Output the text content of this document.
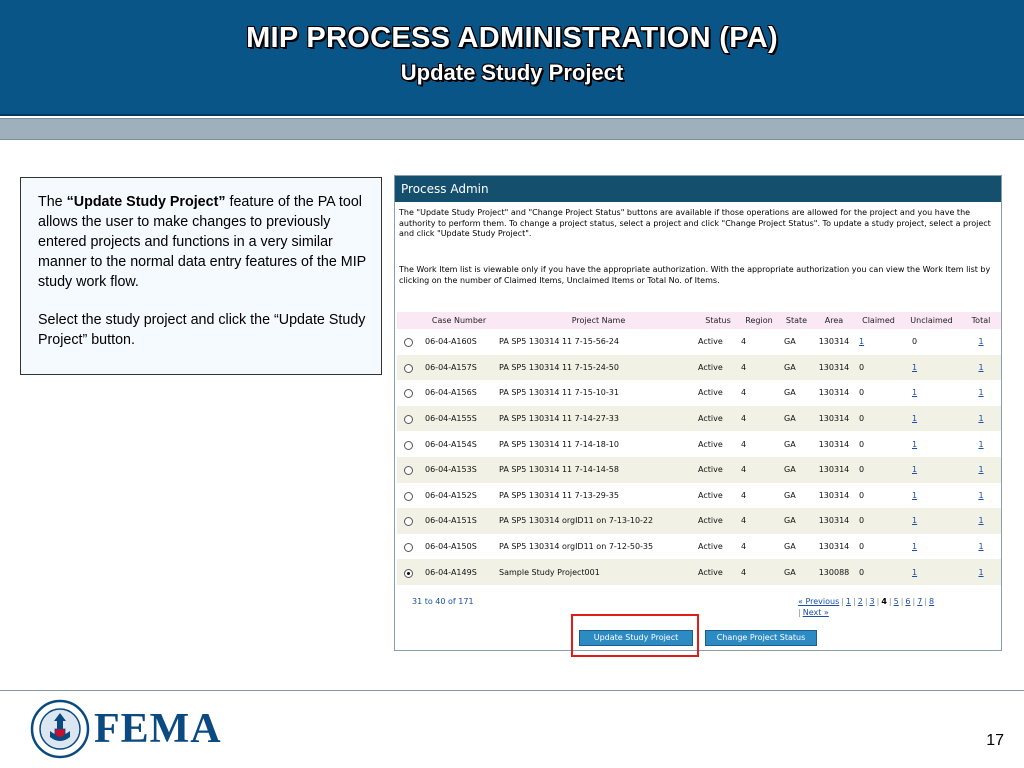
MIP PROCESS ADMINISTRATION (PA)
Update Study Project

The “Update Study Project” feature of the PA tool allows the user to make changes to previously entered projects and functions in a very similar manner to the normal data entry features of the MIP study work flow.

Select the study project and click the “Update Study Project” button.

Process Admin
The "Update Study Project" and "Change Project Status" buttons are available if those operations are allowed for the project and you have the authority to perform them. To change a project status, select a project and click "Change Project Status". To update a study project, select a project and click "Update Study Project".
The Work Item list is viewable only if you have the appropriate authorization. With the appropriate authorization you can view the Work Item list by clicking on the number of Claimed Items, Unclaimed Items or Total No. of Items.
	Case Number	Project Name	Status	Region	State	Area	Claimed	Unclaimed	Total
	06-04-A160S	PA SP5 130314 11 7-15-56-24	Active	4	GA	130314	1	0	1
	06-04-A157S	PA SP5 130314 11 7-15-24-50	Active	4	GA	130314	0	1	1
	06-04-A156S	PA SP5 130314 11 7-15-10-31	Active	4	GA	130314	0	1	1
	06-04-A155S	PA SP5 130314 11 7-14-27-33	Active	4	GA	130314	0	1	1
	06-04-A154S	PA SP5 130314 11 7-14-18-10	Active	4	GA	130314	0	1	1
	06-04-A153S	PA SP5 130314 11 7-14-14-58	Active	4	GA	130314	0	1	1
	06-04-A152S	PA SP5 130314 11 7-13-29-35	Active	4	GA	130314	0	1	1
	06-04-A151S	PA SP5 130314 orgID11 on 7-13-10-22	Active	4	GA	130314	0	1	1
	06-04-A150S	PA SP5 130314 orgID11 on 7-12-50-35	Active	4	GA	130314	0	1	1
	06-04-A149S	Sample Study Project001	Active	4	GA	130088	0	1	1
31 to 40 of 171	« Previous | 1 | 2 | 3 | 4 | 5 | 6 | 7 | 8
| Next »
Update Study Project	Change Project Status
FEMA	17
